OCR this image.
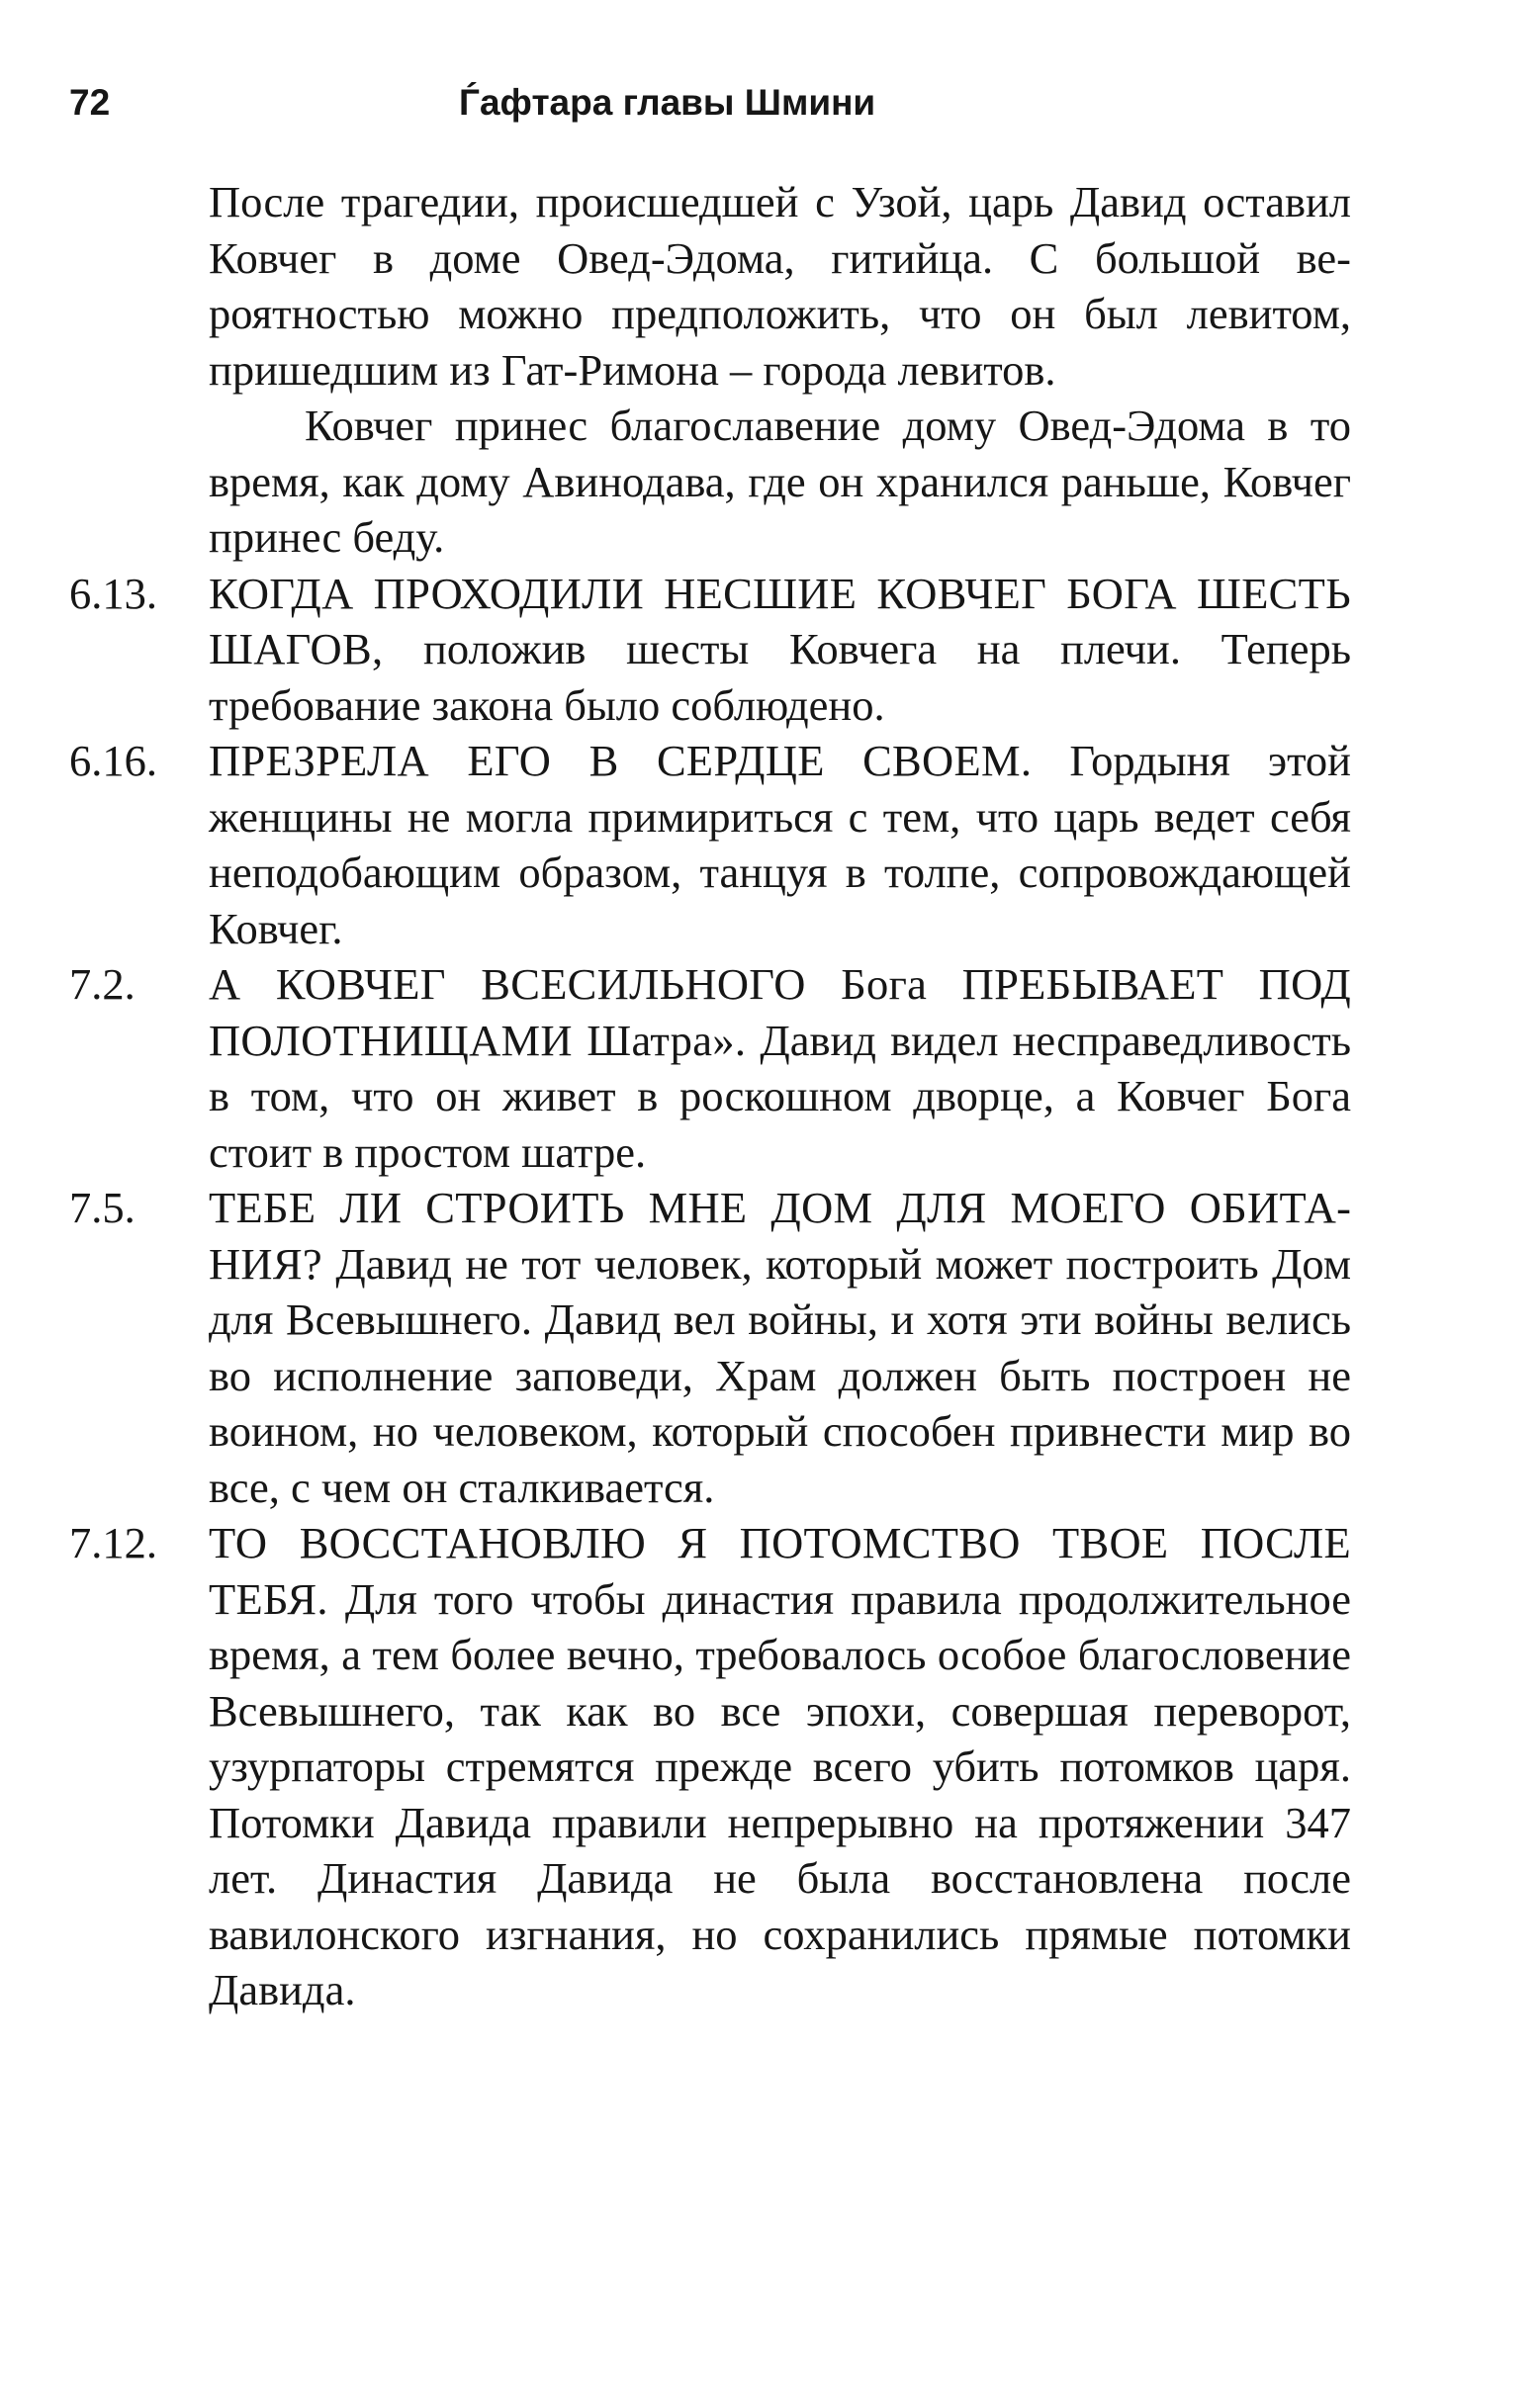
72	Ѓафтара главы Шмини

После трагедии, происшедшей с Узой, царь Давид оставил Ковчег в доме Овед-Эдома, гитийца. С большой вероятностью можно предположить, что он был левитом, пришедшим из Гат-Римона – города левитов.

Ковчег принес благославение дому Овед-Эдома в то время, как дому Авинодава, где он хранился раньше, Ковчег принес беду.

6.13. КОГДА ПРОХОДИЛИ НЕСШИЕ КОВЧЕГ БОГА ШЕСТЬ ШАГОВ, положив шесты Ковчега на плечи. Теперь требование закона было соблюдено.

6.16. ПРЕЗРЕЛА ЕГО В СЕРДЦЕ СВОЕМ. Гордыня этой женщины не могла примириться с тем, что царь ведет себя неподобающим образом, танцуя в толпе, сопровождающей Ковчег.

7.2. А КОВЧЕГ ВСЕСИЛЬНОГО Бога ПРЕБЫВАЕТ ПОД ПОЛОТНИЩАМИ Шатра». Давид видел несправедливость в том, что он живет в роскошном дворце, а Ковчег Бога стоит в простом шатре.

7.5. ТЕБЕ ЛИ СТРОИТЬ МНЕ ДОМ ДЛЯ МОЕГО ОБИТАНИЯ? Давид не тот человек, который может построить Дом для Всевышнего. Давид вел войны, и хотя эти войны велись во исполнение заповеди, Храм должен быть построен не воином, но человеком, который способен привнести мир во все, с чем он сталкивается.

7.12. ТО ВОССТАНОВЛЮ Я ПОТОМСТВО ТВОЕ ПОСЛЕ ТЕБЯ. Для того чтобы династия правила продолжительное время, а тем более вечно, требовалось особое благословение Всевышнего, так как во все эпохи, совершая переворот, узурпаторы стремятся прежде всего убить потомков царя. Потомки Давида правили непрерывно на протяжении 347 лет. Династия Давида не была восстановлена после вавилонского изгнания, но сохранились прямые потомки Давида.
